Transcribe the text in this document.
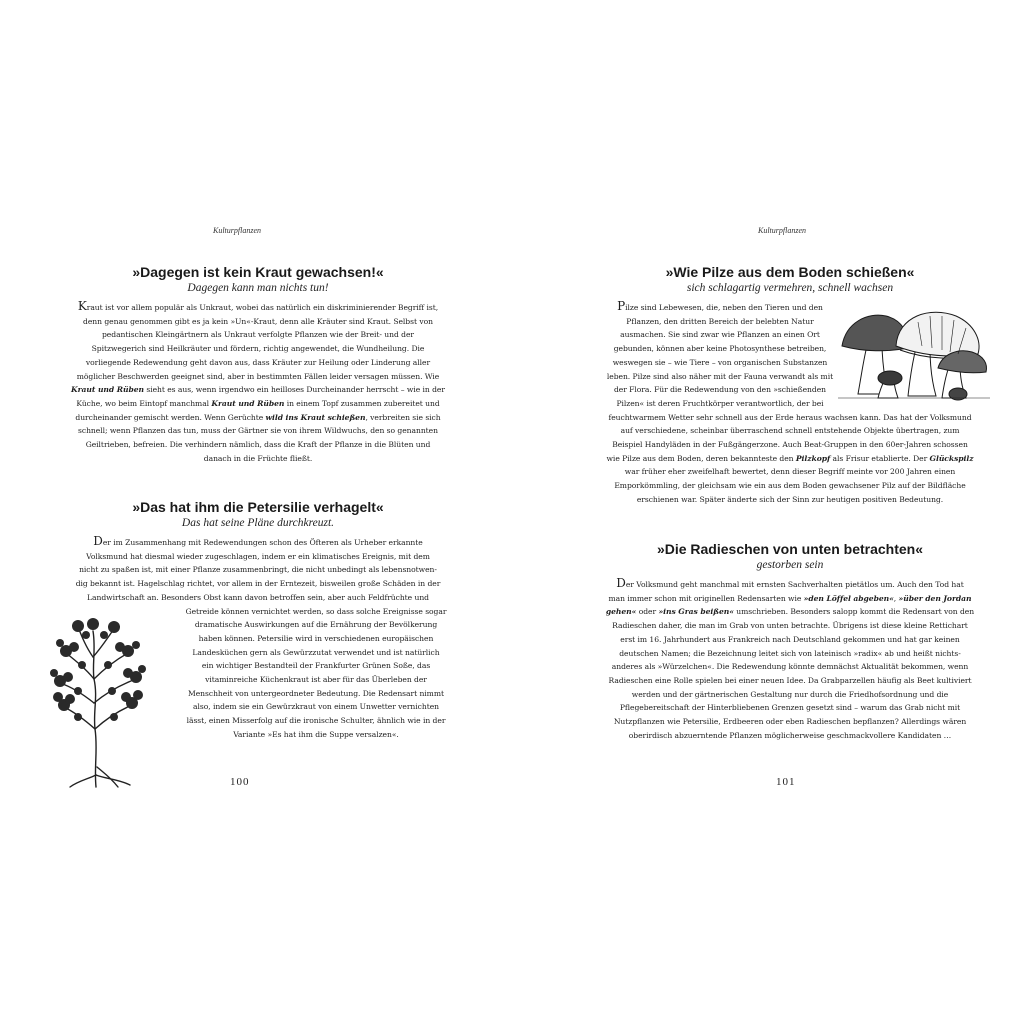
Kulturpflanzen
»Dagegen ist kein Kraut gewachsen!«

Dagegen kann man nichts tun!

Kraut ist vor allem populär als Unkraut, wobei das natürlich ein diskriminierender Begriff ist,
denn genau genommen gibt es ja kein »Un«-Kraut, denn alle Kräuter sind Kraut. Selbst von
pedantischen Kleingärtnern als Unkraut verfolgte Pflanzen wie der Breit- und der
Spitzwegerich sind Heilkräuter und fördern, richtig angewendet, die Wundheilung. Die
vorliegende Redewendung geht davon aus, dass Kräuter zur Heilung oder Linderung aller
möglicher Beschwerden geeignet sind, aber in bestimmten Fällen leider versagen müssen. Wie
Kraut und Rüben sieht es aus, wenn irgendwo ein heilloses Durcheinander herrscht – wie in der
Küche, wo beim Eintopf manchmal Kraut und Rüben in einem Topf zusammen zubereitet und
durcheinander gemischt werden. Wenn Gerüchte wild ins Kraut schießen, verbreiten sie sich
schnell; wenn Pflanzen das tun, muss der Gärtner sie von ihrem Wildwuchs, den so genannten
Geiltrieben, befreien. Die verhindern nämlich, dass die Kraft der Pflanze in die Blüten und
danach in die Früchte fließt.
»Das hat ihm die Petersilie verhagelt«

Das hat seine Pläne durchkreuzt.

Der im Zusammenhang mit Redewendungen schon des Öfteren als Urheber erkannte
Volksmund hat diesmal wieder zugeschlagen, indem er ein klimatisches Ereignis, mit dem
nicht zu spaßen ist, mit einer Pflanze zusammenbringt, die nicht unbedingt als lebensnotwen-
dig bekannt ist. Hagelschlag richtet, vor allem in der Erntezeit, bisweilen große Schäden in der
Landwirtschaft an. Besonders Obst kann davon betroffen sein, aber auch Feldfrüchte und
Getreide können vernichtet werden, so dass solche Ereignisse sogar
dramatische Auswirkungen auf die Ernährung der Bevölkerung
haben können. Petersilie wird in verschiedenen europäischen
Landesküchen gern als Gewürzzutat verwendet und ist natürlich
ein wichtiger Bestandteil der Frankfurter Grünen Soße, das
vitaminreiche Küchenkraut ist aber für das Überleben der
Menschheit von untergeordneter Bedeutung. Die Redensart nimmt
also, indem sie ein Gewürzkraut von einem Unwetter vernichten
lässt, einen Misserfolg auf die ironische Schulter, ähnlich wie in der
Variante »Es hat ihm die Suppe versalzen«.
100
Kulturpflanzen
»Wie Pilze aus dem Boden schießen«

sich schlagartig vermehren, schnell wachsen

Pilze sind Lebewesen, die, neben den Tieren und den
Pflanzen, den dritten Bereich der belebten Natur
ausmachen. Sie sind zwar wie Pflanzen an einen Ort
gebunden, können aber keine Photosynthese betreiben,
weswegen sie – wie Tiere – von organischen Substanzen
leben. Pilze sind also näher mit der Fauna verwandt als mit
der Flora. Für die Redewendung von den »schießenden
Pilzen« ist deren Fruchtkörper verantwortlich, der bei
feuchtwarmem Wetter sehr schnell aus der Erde heraus wachsen kann. Das hat der Volksmund
auf verschiedene, scheinbar überraschend schnell entstehende Objekte übertragen, zum
Beispiel Handyläden in der Fußgängerzone. Auch Beat-Gruppen in den 60er-Jahren schossen
wie Pilze aus dem Boden, deren bekannteste den Pilzkopf als Frisur etablierte. Der Glückspilz
war früher eher zweifelhaft bewertet, denn dieser Begriff meinte vor 200 Jahren einen
Emporkömmling, der gleichsam wie ein aus dem Boden gewachsener Pilz auf der Bildfläche
erschienen war. Später änderte sich der Sinn zur heutigen positiven Bedeutung.
»Die Radieschen von unten betrachten«

gestorben sein

Der Volksmund geht manchmal mit ernsten Sachverhalten pietätlos um. Auch den Tod hat
man immer schon mit originellen Redensarten wie »den Löffel abgeben«, »über den Jordan
gehen« oder »ins Gras beißen« umschrieben. Besonders salopp kommt die Redensart von den
Radieschen daher, die man im Grab von unten betrachte. Übrigens ist diese kleine Rettichart
erst im 16. Jahrhundert aus Frankreich nach Deutschland gekommen und hat gar keinen
deutschen Namen; die Bezeichnung leitet sich von lateinisch »radix« ab und heißt nichts-
anderes als »Würzelchen«. Die Redewendung könnte demnächst Aktualität bekommen, wenn
Radieschen eine Rolle spielen bei einer neuen Idee. Da Grabparzellen häufig als Beet kultiviert
werden und der gärtnerischen Gestaltung nur durch die Friedhofsordnung und die
Pflegebereitschaft der Hinterbliebenen Grenzen gesetzt sind – warum das Grab nicht mit
Nutzpflanzen wie Petersilie, Erdbeeren oder eben Radieschen bepflanzen? Allerdings wären
oberirdisch abzuerntende Pflanzen möglicherweise geschmackvollere Kandidaten …
101
